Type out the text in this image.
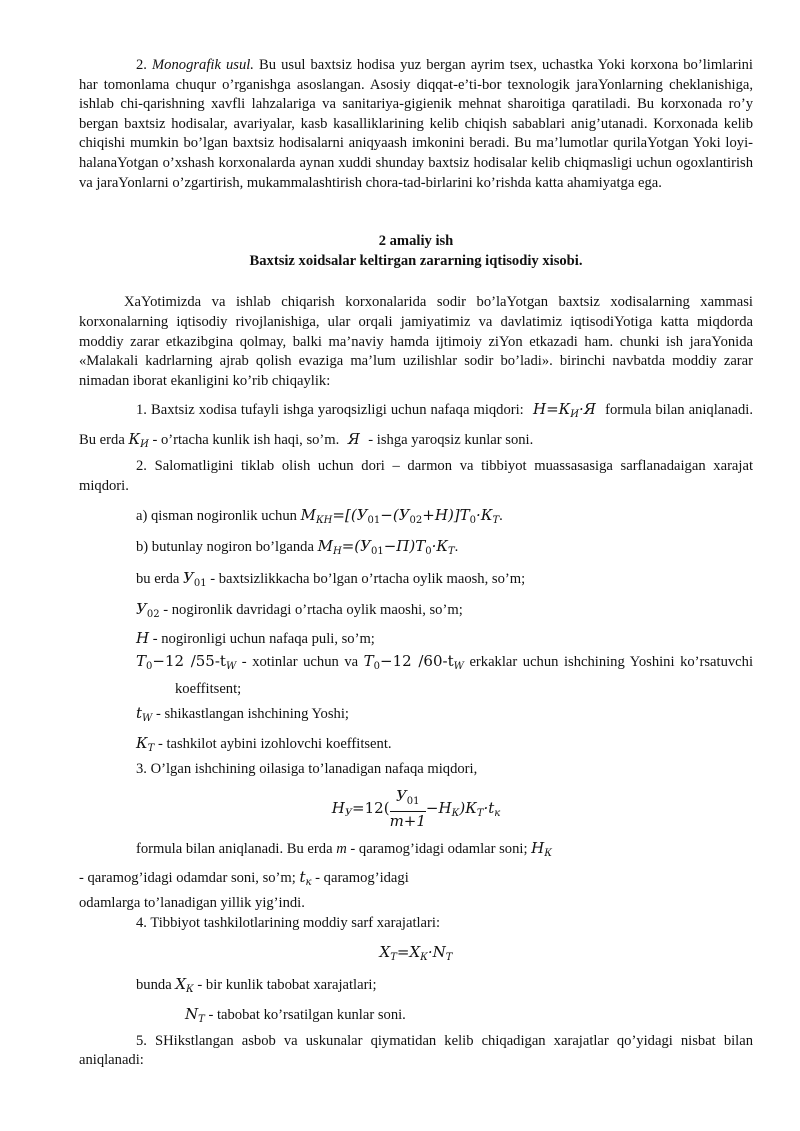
2. Monografik usul. Bu usul baxtsiz hodisa yuz bergan ayrim tsex, uchastka Yoki korxona bo’limlarini har tomonlama chuqur o’rganishga asoslangan. Asosiy diqqat-e’ti-bor texnologik jaraYonlarning cheklanishiga, ishlab chi-qarishning xavfli lahzalariga va sanitariya-gigienik mehnat sharoitiga qaratiladi. Bu korxonada ro’y bergan baxtsiz hodisalar, avariyalar, kasb kasalliklarining kelib chiqish sabablari anig’utanadi. Korxonada kelib chiqishi mumkin bo’lgan baxtsiz hodisalarni aniqyaash imkonini beradi. Bu ma’lumotlar qurilaYotgan Yoki loyi-halanaYotgan o’xshash korxonalarda aynan xuddi shunday baxtsiz hodisalar kelib chiqmasligi uchun ogoxlantirish va jaraYonlarni o’zgartirish, mukammalashtirish chora-tad-birlarini ko’rishda katta ahamiyatga ega.

2 amaliy ish

Baxtsiz xoidsalar keltirgan zararning iqtisodiy xisobi.

XaYotimizda va ishlab chiqarish korxonalarida sodir bo’laYotgan baxtsiz xodisalarning xammasi korxonalarning iqtisodiy rivojlanishiga, ular orqali jamiyatimiz va davlatimiz iqtisodiYotiga katta miqdorda moddiy zarar etkazibgina qolmay, balki ma’naviy hamda ijtimoiy ziYon etkazadi ham. chunki ish jaraYonida «Malakali kadrlarning ajrab qolish evaziga ma’lum uzilishlar sodir bo’ladi». birinchi navbatda moddiy zarar nimadan iborat ekanligini ko’rib chiqaylik:

1. Baxtsiz xodisa tufayli ishga yaroqsizligi uchun nafaqa miqdori: $Н=К_И\cdot Я$ formula bilan aniqlanadi. Bu erda $К_И$ - o’rtacha kunlik ish haqi, so’m. Я - ishga yaroqsiz kunlar soni.

2. Salomatligini tiklab olish uchun dori – darmon va tibbiyot muassasasiga sarflanadaigan xarajat miqdori.

a) qisman nogironlik uchun $М_{КН}=[(У_{01}-(У_{02}+Н)]Т_0\cdot К_Т$.

b) butunlay nogiron bo’lganda $М_Н=(У_{01}-П)Т_0\cdot К_Т$.

bu erda $У_{01}$ - baxtsizlikkacha bo’lgan o’rtacha oylik maosh, so’m;

$У_{02}$ - nogironlik davridagi o’rtacha oylik maoshi, so’m;

Н - nogironligi uchun nafaqa puli, so’m;

$Т_0-12$ $/55-t_W$ - xotinlar uchun va $Т_0-12$ $/60-t_W$ erkaklar uchun ishchining Yoshini ko’rsatuvchi koeffitsent;

$t_W$ - shikastlangan ishchining Yoshi;

$К_Т$ - tashkilot aybini izohlovchi koeffitsent.

3. O’lgan ishchining oilasiga to’lanadigan nafaqa miqdori,

$Н_У=12( \frac{У_{01}}{m+1} -Н_К)К_Т\cdot t_к$

formula bilan aniqlanadi. Bu erda m - qaramog’idagi odamlar soni; $Н_К$

- qaramog’idagi odamdar soni, so’m; $t_к$ - qaramog’idagi

odamlarga to’lanadigan yillik yig’indi.

4. Tibbiyot tashkilotlarining moddiy sarf xarajatlari:

$Х_Т=Х_К\cdot N_Т$

bunda $Х_К$ - bir kunlik tabobat xarajatlari;

$N_Т$ - tabobat ko’rsatilgan kunlar soni.

5. SHikstlangan asbob va uskunalar qiymatidan kelib chiqadigan xarajatlar qo’yidagi nisbat bilan aniqlanadi:
